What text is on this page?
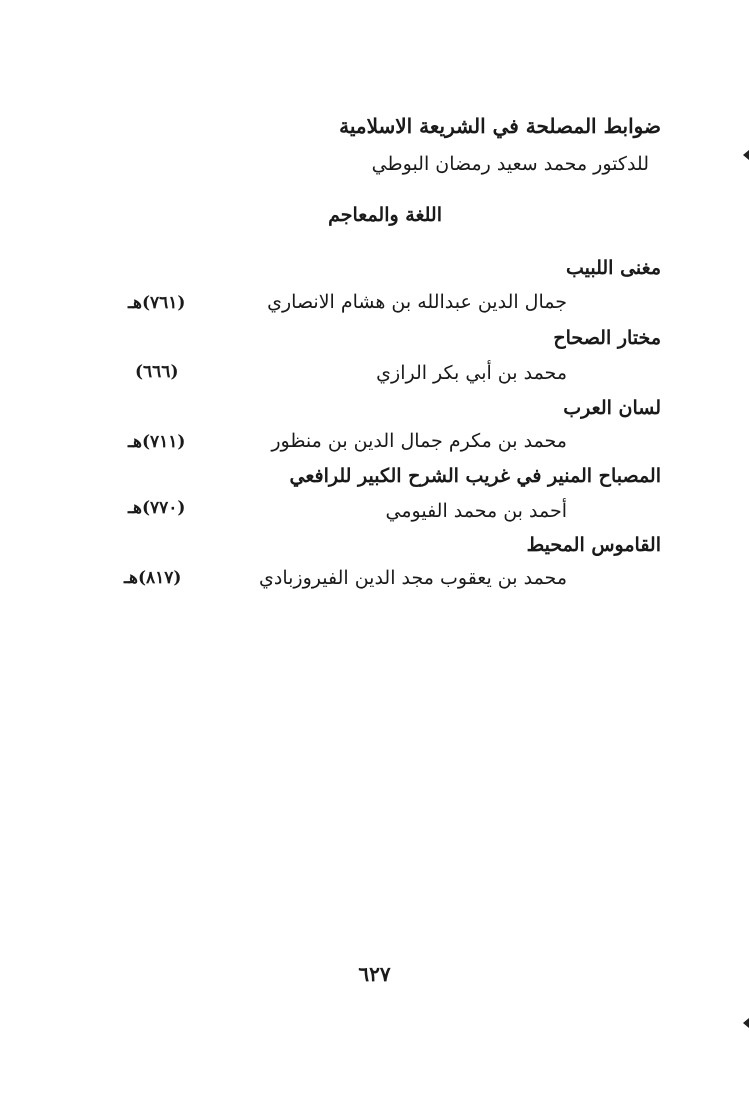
ضوابط المصلحة في الشريعة الاسلامية
للدكتور محمد سعيد رمضان البوطي
اللغة والمعاجم
مغنى اللبيب
جمال الدين عبدالله بن هشام الانصاري
(٧٦١)هـ
مختار الصحاح
محمد بن أبي بكر الرازي
(٦٦٦)
لسان العرب
محمد بن مكرم جمال الدين بن منظور
(٧١١)هـ
المصباح المنير في غريب الشرح الكبير للرافعي
أحمد بن محمد الفيومي
(٧٧٠)هـ
القاموس المحيط
محمد بن يعقوب مجد الدين الفيروزبادي
(٨١٧)هـ
٦٢٧
